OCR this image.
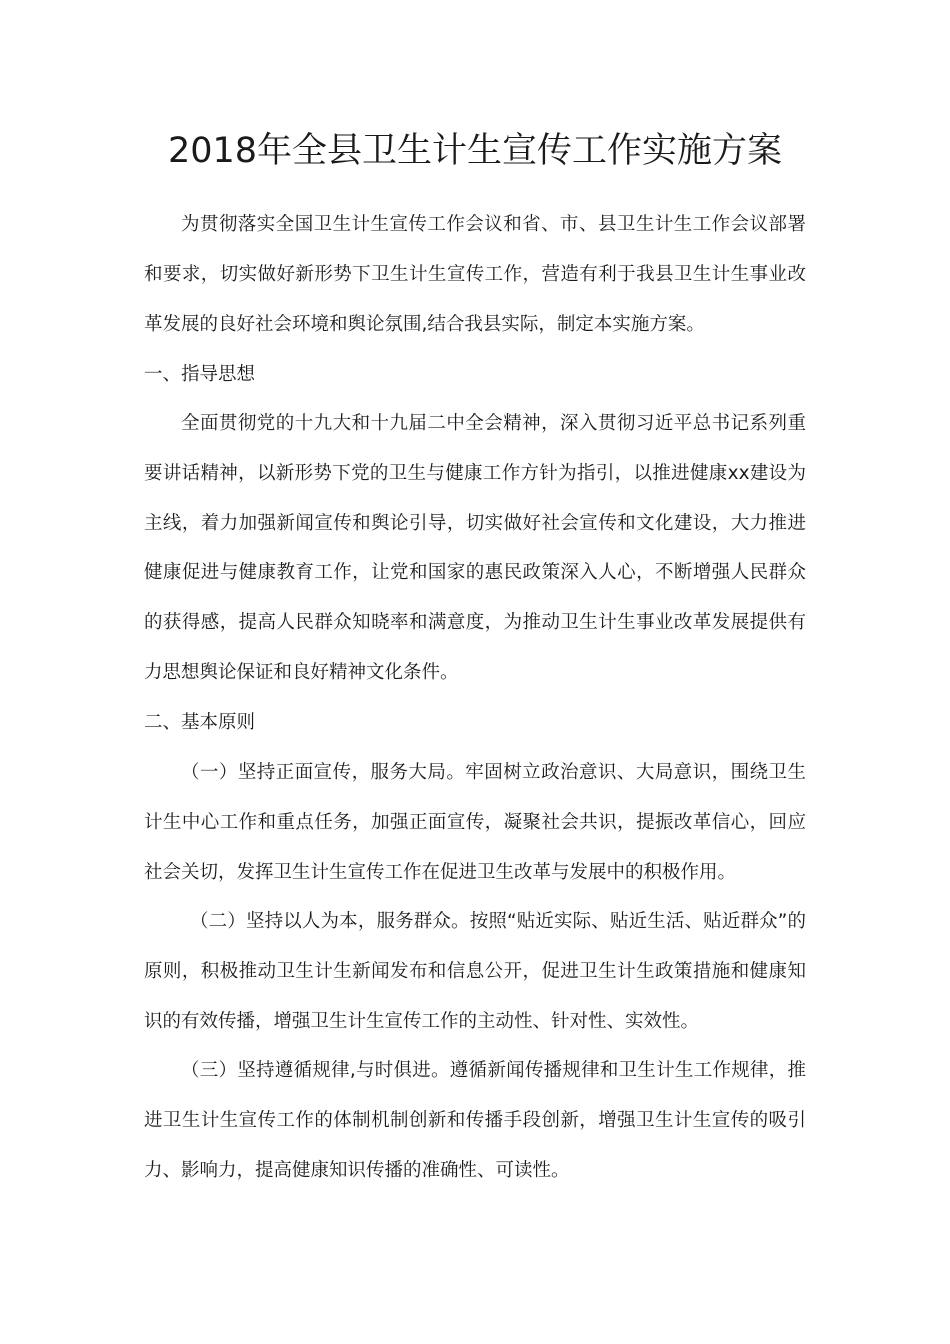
2018年全县卫生计生宣传工作实施方案

为贯彻落实全国卫生计生宣传工作会议和省、市、县卫生计生工作会议部署和要求，切实做好新形势下卫生计生宣传工作，营造有利于我县卫生计生事业改革发展的良好社会环境和舆论氛围,结合我县实际，制定本实施方案。

一、指导思想

全面贯彻党的十九大和十九届二中全会精神，深入贯彻习近平总书记系列重要讲话精神，以新形势下党的卫生与健康工作方针为指引，以推进健康xx建设为主线，着力加强新闻宣传和舆论引导，切实做好社会宣传和文化建设，大力推进健康促进与健康教育工作，让党和国家的惠民政策深入人心，不断增强人民群众的获得感，提高人民群众知晓率和满意度，为推动卫生计生事业改革发展提供有力思想舆论保证和良好精神文化条件。

二、基本原则

（一）坚持正面宣传，服务大局。牢固树立政治意识、大局意识，围绕卫生计生中心工作和重点任务，加强正面宣传，凝聚社会共识，提振改革信心，回应社会关切，发挥卫生计生宣传工作在促进卫生改革与发展中的积极作用。

（二）坚持以人为本，服务群众。按照“贴近实际、贴近生活、贴近群众”的原则，积极推动卫生计生新闻发布和信息公开，促进卫生计生政策措施和健康知识的有效传播，增强卫生计生宣传工作的主动性、针对性、实效性。

（三）坚持遵循规律,与时俱进。遵循新闻传播规律和卫生计生工作规律，推进卫生计生宣传工作的体制机制创新和传播手段创新，增强卫生计生宣传的吸引力、影响力，提高健康知识传播的准确性、可读性。
